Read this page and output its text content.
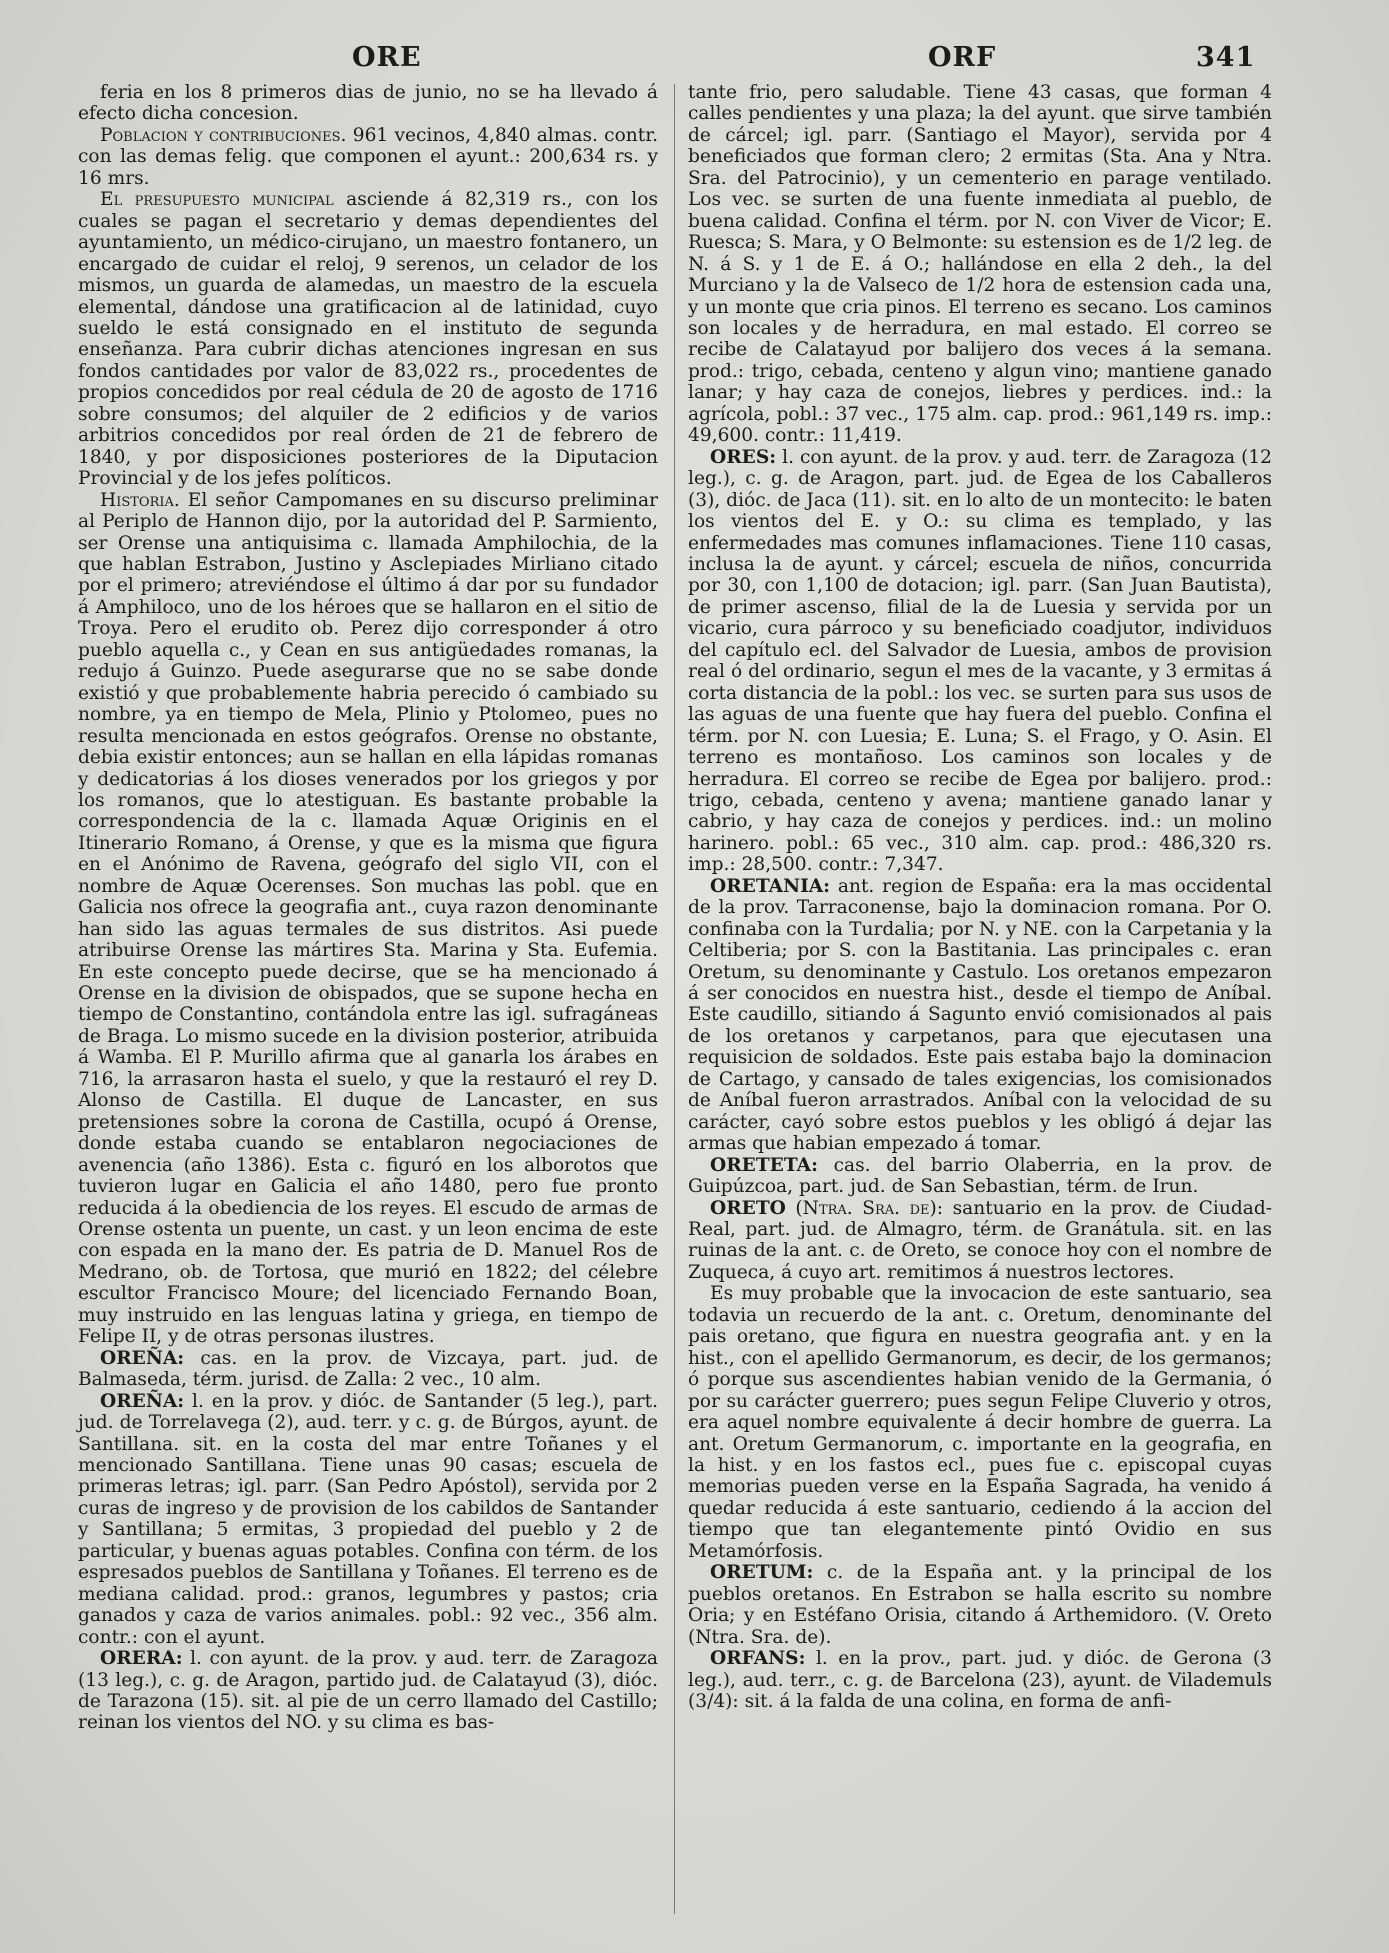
ORE	ORF	341

feria en los 8 primeros dias de junio, no se ha llevado á efecto dicha concesion.

Poblacion y contribuciones. 961 vecinos, 4,840 almas. contr. con las demas felig. que componen el ayunt.: 200,634 rs. y 16 mrs.

El presupuesto municipal asciende á 82,319 rs., con los cuales se pagan el secretario y demas dependientes del ayuntamiento, un médico-cirujano, un maestro fontanero, un encargado de cuidar el reloj, 9 serenos, un celador de los mismos, un guarda de alamedas, un maestro de la escuela elemental, dándose una gratificacion al de latinidad, cuyo sueldo le está consignado en el instituto de segunda enseñanza. Para cubrir dichas atenciones ingresan en sus fondos cantidades por valor de 83,022 rs., procedentes de propios concedidos por real cédula de 20 de agosto de 1716 sobre consumos; del alquiler de 2 edificios y de varios arbitrios concedidos por real órden de 21 de febrero de 1840, y por disposiciones posteriores de la Diputacion Provincial y de los jefes políticos.

Historia. El señor Campomanes en su discurso preliminar al Periplo de Hannon dijo, por la autoridad del P. Sarmiento, ser Orense una antiquisima c. llamada Amphilochia, de la que hablan Estrabon, Justino y Asclepiades Mirliano citado por el primero; atreviéndose el último á dar por su fundador á Amphiloco, uno de los héroes que se hallaron en el sitio de Troya. Pero el erudito ob. Perez dijo corresponder á otro pueblo aquella c., y Cean en sus antigüedades romanas, la redujo á Guinzo. Puede asegurarse que no se sabe donde existió y que probablemente habria perecido ó cambiado su nombre, ya en tiempo de Mela, Plinio y Ptolomeo, pues no resulta mencionada en estos geógrafos. Orense no obstante, debia existir entonces; aun se hallan en ella lápidas romanas y dedicatorias á los dioses venerados por los griegos y por los romanos, que lo atestiguan. Es bastante probable la correspondencia de la c. llamada Aquæ Originis en el Itinerario Romano, á Orense, y que es la misma que figura en el Anónimo de Ravena, geógrafo del siglo VII, con el nombre de Aquæ Ocerenses. Son muchas las pobl. que en Galicia nos ofrece la geografia ant., cuya razon denominante han sido las aguas termales de sus distritos. Asi puede atribuirse Orense las mártires Sta. Marina y Sta. Eufemia. En este concepto puede decirse, que se ha mencionado á Orense en la division de obispados, que se supone hecha en tiempo de Constantino, contándola entre las igl. sufragáneas de Braga. Lo mismo sucede en la division posterior, atribuida á Wamba. El P. Murillo afirma que al ganarla los árabes en 716, la arrasaron hasta el suelo, y que la restauró el rey D. Alonso de Castilla. El duque de Lancaster, en sus pretensiones sobre la corona de Castilla, ocupó á Orense, donde estaba cuando se entablaron negociaciones de avenencia (año 1386). Esta c. figuró en los alborotos que tuvieron lugar en Galicia el año 1480, pero fue pronto reducida á la obediencia de los reyes. El escudo de armas de Orense ostenta un puente, un cast. y un leon encima de este con espada en la mano der. Es patria de D. Manuel Ros de Medrano, ob. de Tortosa, que murió en 1822; del célebre escultor Francisco Moure; del licenciado Fernando Boan, muy instruido en las lenguas latina y griega, en tiempo de Felipe II, y de otras personas ilustres.

OREÑA: cas. en la prov. de Vizcaya, part. jud. de Balmaseda, térm. jurisd. de Zalla: 2 vec., 10 alm.

OREÑA: l. en la prov. y dióc. de Santander (5 leg.), part. jud. de Torrelavega (2), aud. terr. y c. g. de Búrgos, ayunt. de Santillana. sit. en la costa del mar entre Toñanes y el mencionado Santillana. Tiene unas 90 casas; escuela de primeras letras; igl. parr. (San Pedro Apóstol), servida por 2 curas de ingreso y de provision de los cabildos de Santander y Santillana; 5 ermitas, 3 propiedad del pueblo y 2 de particular, y buenas aguas potables. Confina con térm. de los espresados pueblos de Santillana y Toñanes. El terreno es de mediana calidad. prod.: granos, legumbres y pastos; cria ganados y caza de varios animales. pobl.: 92 vec., 356 alm. contr.: con el ayunt.

ORERA: l. con ayunt. de la prov. y aud. terr. de Zaragoza (13 leg.), c. g. de Aragon, partido jud. de Calatayud (3), dióc. de Tarazona (15). sit. al pie de un cerro llamado del Castillo; reinan los vientos del NO. y su clima es bas-

tante frio, pero saludable. Tiene 43 casas, que forman 4 calles pendientes y una plaza; la del ayunt. que sirve también de cárcel; igl. parr. (Santiago el Mayor), servida por 4 beneficiados que forman clero; 2 ermitas (Sta. Ana y Ntra. Sra. del Patrocinio), y un cementerio en parage ventilado. Los vec. se surten de una fuente inmediata al pueblo, de buena calidad. Confina el térm. por N. con Viver de Vicor; E. Ruesca; S. Mara, y O Belmonte: su estension es de 1/2 leg. de N. á S. y 1 de E. á O.; hallándose en ella 2 deh., la del Murciano y la de Valseco de 1/2 hora de estension cada una, y un monte que cria pinos. El terreno es secano. Los caminos son locales y de herradura, en mal estado. El correo se recibe de Calatayud por balijero dos veces á la semana. prod.: trigo, cebada, centeno y algun vino; mantiene ganado lanar; y hay caza de conejos, liebres y perdices. ind.: la agrícola, pobl.: 37 vec., 175 alm. cap. prod.: 961,149 rs. imp.: 49,600. contr.: 11,419.

ORES: l. con ayunt. de la prov. y aud. terr. de Zaragoza (12 leg.), c. g. de Aragon, part. jud. de Egea de los Caballeros (3), dióc. de Jaca (11). sit. en lo alto de un montecito: le baten los vientos del E. y O.: su clima es templado, y las enfermedades mas comunes inflamaciones. Tiene 110 casas, inclusa la de ayunt. y cárcel; escuela de niños, concurrida por 30, con 1,100 de dotacion; igl. parr. (San Juan Bautista), de primer ascenso, filial de la de Luesia y servida por un vicario, cura párroco y su beneficiado coadjutor, individuos del capítulo ecl. del Salvador de Luesia, ambos de provision real ó del ordinario, segun el mes de la vacante, y 3 ermitas á corta distancia de la pobl.: los vec. se surten para sus usos de las aguas de una fuente que hay fuera del pueblo. Confina el térm. por N. con Luesia; E. Luna; S. el Frago, y O. Asin. El terreno es montañoso. Los caminos son locales y de herradura. El correo se recibe de Egea por balijero. prod.: trigo, cebada, centeno y avena; mantiene ganado lanar y cabrio, y hay caza de conejos y perdices. ind.: un molino harinero. pobl.: 65 vec., 310 alm. cap. prod.: 486,320 rs. imp.: 28,500. contr.: 7,347.

ORETANIA: ant. region de España: era la mas occidental de la prov. Tarraconense, bajo la dominacion romana. Por O. confinaba con la Turdalia; por N. y NE. con la Carpetania y la Celtiberia; por S. con la Bastitania. Las principales c. eran Oretum, su denominante y Castulo. Los oretanos empezaron á ser conocidos en nuestra hist., desde el tiempo de Aníbal. Este caudillo, sitiando á Sagunto envió comisionados al pais de los oretanos y carpetanos, para que ejecutasen una requisicion de soldados. Este pais estaba bajo la dominacion de Cartago, y cansado de tales exigencias, los comisionados de Aníbal fueron arrastrados. Aníbal con la velocidad de su carácter, cayó sobre estos pueblos y les obligó á dejar las armas que habian empezado á tomar.

ORETETA: cas. del barrio Olaberria, en la prov. de Guipúzcoa, part. jud. de San Sebastian, térm. de Irun.

ORETO (Ntra. Sra. de): santuario en la prov. de Ciudad-Real, part. jud. de Almagro, térm. de Granátula. sit. en las ruinas de la ant. c. de Oreto, se conoce hoy con el nombre de Zuqueca, á cuyo art. remitimos á nuestros lectores.

Es muy probable que la invocacion de este santuario, sea todavia un recuerdo de la ant. c. Oretum, denominante del pais oretano, que figura en nuestra geografia ant. y en la hist., con el apellido Germanorum, es decir, de los germanos; ó porque sus ascendientes habian venido de la Germania, ó por su carácter guerrero; pues segun Felipe Cluverio y otros, era aquel nombre equivalente á decir hombre de guerra. La ant. Oretum Germanorum, c. importante en la geografia, en la hist. y en los fastos ecl., pues fue c. episcopal cuyas memorias pueden verse en la España Sagrada, ha venido á quedar reducida á este santuario, cediendo á la accion del tiempo que tan elegantemente pintó Ovidio en sus Metamórfosis.

ORETUM: c. de la España ant. y la principal de los pueblos oretanos. En Estrabon se halla escrito su nombre Oria; y en Estéfano Orisia, citando á Arthemidoro. (V. Oreto (Ntra. Sra. de).

ORFANS: l. en la prov., part. jud. y dióc. de Gerona (3 leg.), aud. terr., c. g. de Barcelona (23), ayunt. de Vilademuls (3/4): sit. á la falda de una colina, en forma de anfi-
